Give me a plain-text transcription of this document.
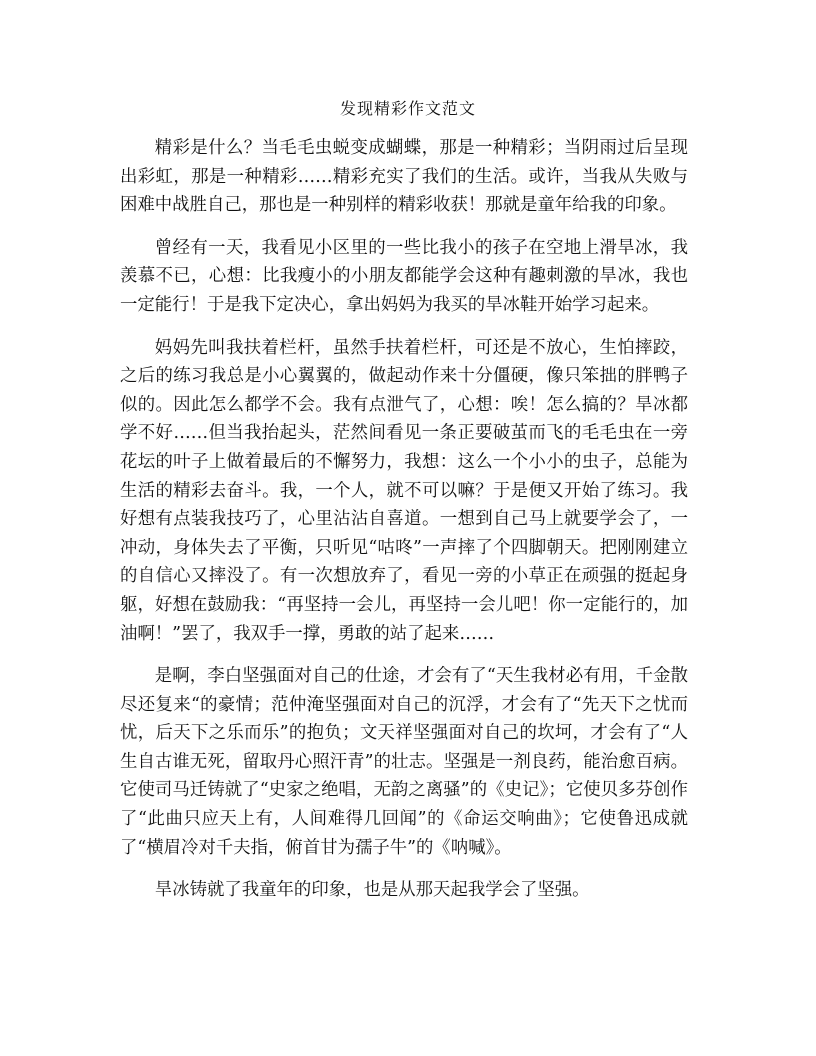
发现精彩作文范文

精彩是什么？当毛毛虫蜕变成蝴蝶，那是一种精彩；当阴雨过后呈现出彩虹，那是一种精彩……精彩充实了我们的生活。或许，当我从失败与困难中战胜自己，那也是一种别样的精彩收获！那就是童年给我的印象。

曾经有一天，我看见小区里的一些比我小的孩子在空地上滑旱冰，我羡慕不已，心想：比我瘦小的小朋友都能学会这种有趣刺激的旱冰，我也一定能行！于是我下定决心，拿出妈妈为我买的旱冰鞋开始学习起来。

妈妈先叫我扶着栏杆，虽然手扶着栏杆，可还是不放心，生怕摔跤，之后的练习我总是小心翼翼的，做起动作来十分僵硬，像只笨拙的胖鸭子似的。因此怎么都学不会。我有点泄气了，心想：唉！怎么搞的？旱冰都学不好……但当我抬起头，茫然间看见一条正要破茧而飞的毛毛虫在一旁花坛的叶子上做着最后的不懈努力，我想：这么一个小小的虫子，总能为生活的精彩去奋斗。我，一个人，就不可以嘛？于是便又开始了练习。我好想有点装我技巧了，心里沾沾自喜道。一想到自己马上就要学会了，一冲动，身体失去了平衡，只听见“咕咚”一声摔了个四脚朝天。把刚刚建立的自信心又摔没了。有一次想放弃了，看见一旁的小草正在顽强的挺起身躯，好想在鼓励我：“再坚持一会儿，再坚持一会儿吧！你一定能行的，加油啊！”罢了，我双手一撑，勇敢的站了起来……

是啊，李白坚强面对自己的仕途，才会有了“天生我材必有用，千金散尽还复来“的豪情；范仲淹坚强面对自己的沉浮，才会有了“先天下之忧而忧，后天下之乐而乐”的抱负；文天祥坚强面对自己的坎坷，才会有了“人生自古谁无死，留取丹心照汗青”的壮志。坚强是一剂良药，能治愈百病。它使司马迁铸就了“史家之绝唱，无韵之离骚”的《史记》；它使贝多芬创作了“此曲只应天上有，人间难得几回闻”的《命运交响曲》；它使鲁迅成就了“横眉冷对千夫指，俯首甘为孺子牛”的《呐喊》。

旱冰铸就了我童年的印象，也是从那天起我学会了坚强。
